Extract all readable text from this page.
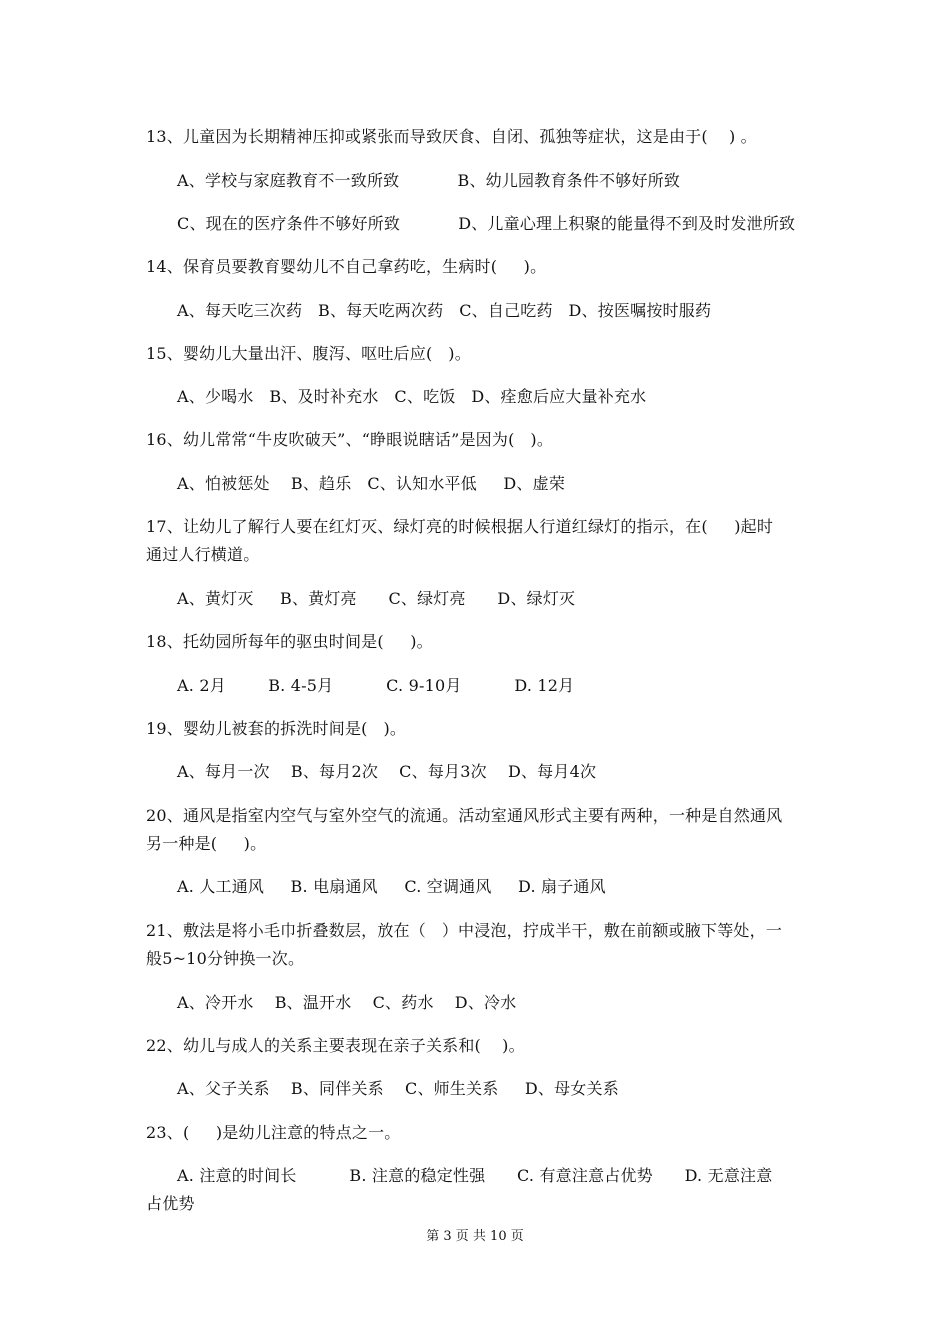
13、儿童因为长期精神压抑或紧张而导致厌食、自闭、孤独等症状，这是由于(    ) 。
A、学校与家庭教育不一致所致           B、幼儿园教育条件不够好所致
C、现在的医疗条件不够好所致           D、儿童心理上积聚的能量得不到及时发泄所致
14、保育员要教育婴幼儿不自己拿药吃，生病时(     )。
A、每天吃三次药   B、每天吃两次药   C、自己吃药   D、按医嘱按时服药
15、婴幼儿大量出汗、腹泻、呕吐后应(   )。
A、少喝水   B、及时补充水   C、吃饭   D、痊愈后应大量补充水
16、幼儿常常“牛皮吹破天”、“睁眼说瞎话”是因为(   )。
A、怕被惩处    B、趋乐   C、认知水平低     D、虚荣
17、让幼儿了解行人要在红灯灭、绿灯亮的时候根据人行道红绿灯的指示，在(     )起时
通过人行横道。
A、黄灯灭     B、黄灯亮      C、绿灯亮      D、绿灯灭
18、托幼园所每年的驱虫时间是(     )。
A. 2月        B. 4-5月          C. 9-10月          D. 12月
19、婴幼儿被套的拆洗时间是(   )。
A、每月一次    B、每月2次    C、每月3次    D、每月4次
20、通风是指室内空气与室外空气的流通。活动室通风形式主要有两种，一种是自然通风
另一种是(     )。
A. 人工通风     B. 电扇通风     C. 空调通风     D. 扇子通风
21、敷法是将小毛巾折叠数层，放在（   ）中浸泡，拧成半干，敷在前额或腋下等处，一
般5~10分钟换一次。
A、冷开水    B、温开水    C、药水    D、冷水
22、幼儿与成人的关系主要表现在亲子关系和(    )。
A、父子关系    B、同伴关系    C、师生关系     D、母女关系
23、(     )是幼儿注意的特点之一。
A. 注意的时间长          B. 注意的稳定性强      C. 有意注意占优势      D. 无意注意
占优势
第 3 页 共 10 页
